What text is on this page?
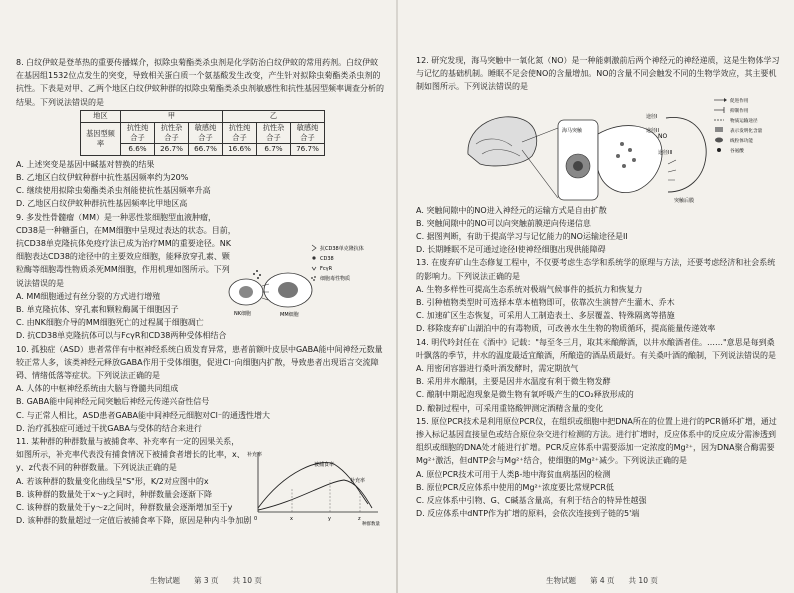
8. 白纹伊蚊是登革热的重要传播媒介，拟除虫菊酯类杀虫剂是化学防治白纹伊蚊的常用药剂。白纹伊蚊在基因组1532位点发生的突变，导致相关蛋白质一个氨基酸发生改变，产生针对拟除虫菊酯类杀虫剂的抗性。下表是对甲、乙两个地区白纹伊蚊种群的拟除虫菊酯类杀虫剂敏感性和抗性基因型频率调查分析的结果。下列说法错误的是

地区	甲			乙		
基因型频率	抗性纯合子	抗性杂合子	敏感纯合子	抗性纯合子	抗性杂合子	敏感纯合子
	6.6%	26.7%	66.7%	16.6%	6.7%	76.7%
A. 上述突变是基因中碱基对替换的结果
B. 乙地区白纹伊蚊种群中抗性基因频率约为20%
C. 继续使用拟除虫菊酯类杀虫剂能使抗性基因频率升高
D. 乙地区白纹伊蚊种群抗性基因频率比甲地区高

9. 多发性骨髓瘤（MM）是一种恶性浆细胞型血液肿瘤，CD38是一种糖蛋白，在MM细胞中呈现过表达的状态。目前，抗CD38单克隆抗体免疫疗法已成为治疗MM的重要途径。NK细胞表达CD38的途径中的主要效应细胞，能释放穿孔素、颗粒酶等细胞毒性物质杀死MM细胞，作用机理如图所示。下列说法错误的是

A. MM细胞通过有丝分裂的方式进行增殖
B. 单克隆抗体、穿孔素和颗粒酶属于细胞因子
C. 由NK细胞介导的MM细胞死亡的过程属于细胞凋亡
D. 抗CD38单克隆抗体可以与FcγR和CD38两种受体相结合

10. 孤独症（ASD）患者常伴有中枢神经系统白质发育异常，患者前额叶皮层中GABA能中间神经元数量较正常人多，该类神经元释放GABA作用于受体细胞，促进Cl⁻向细胞内扩散，导致患者出现语言交流障碍、情绪低落等症状。下列说法正确的是

A. 人体的中枢神经系统由大脑与脊髓共同组成
B. GABA能中间神经元间突触后神经元传递兴奋性信号
C. 与正常人相比，ASD患者GABA能中间神经元细胞对Cl⁻的通透性增大
D. 治疗孤独症可通过干扰GABA与受体的结合来进行

11. 某种群的种群数量与被捕食率、补充率有一定的因果关系，如图所示，补充率代表没有捕食情况下被捕食者增长的比率，x、y、z代表不同的种群数量。下列说法正确的是

A. 若该种群的数量变化曲线呈"S"形，K/2对应图中的x
B. 该种群的数量处于x～y之间时，种群数量会逐渐下降
C. 该种群的数量处于y～z之间时，种群数量会逐渐增加至于y
D. 该种群的数量超过一定值后被捕食率下降，原因是种内斗争加剧
NK细胞	MM细胞
抗CD38单克隆抗体
CD38
FcγR
细胞毒性物质
补充率
被捕食率
补充率
0	x	y	z
种群数量
生物试题 第 3 页 共 10 页

12. 研究发现，海马突触中一氧化氮（NO）是一种能刺激前后两个神经元的神经递质，这是生物体学习与记忆的基础机制。睡眠不足会使NO的含量增加。NO的含量不同会触发不同的生物学效应，其主要机制如图所示。下列说法错误的是

A. 突触间隙中的NO进入神经元的运输方式是自由扩散
B. 突触间隙中的NO可以向突触前膜逆向传递信息
C. 据图判断，有助于提高学习与记忆能力的NO运输途径是II
D. 长期睡眠不足可通过途径I使神经细胞出现供能障碍

13. 在废弃矿山生态修复工程中，不仅要考虑生态学和系统学的原理与方法，还要考虑经济和社会系统的影响力。下列说法正确的是

A. 生物多样性可提高生态系统对极端气候事件的抵抗力和恢复力
B. 引种植物类型时可选择本草本植物即可，依靠次生演替产生灌木、乔木
C. 加速矿区生态恢复，可采用人工制造表土、多层覆盖、特殊隔离等措施
D. 移除废弃矿山湖泊中的有毒物质，可改善水生生物的物质循环，提高能量传递效率

14. 明代吟封任在《酒中》记载："每至冬三月，取其米酿醇酒，以井水酿酒者佳。……"意思是每到桑叶飘落的季节，井水的温度最适宜酿酒，所酿造的酒品质最好。有关桑叶酒的酿制，下列说法错误的是

A. 用密闭容器进行桑叶酒发酵时，需定期放气
B. 采用井水酿制，主要是因井水温度有利于微生物发酵
C. 酿制中期起泡现象是微生物有氧呼吸产生的CO₂释放形成的
D. 酿制过程中，可采用重铬酸钾测定酒精含量的变化

15. 原位PCR技术是利用原位PCR仪，在组织或细胞中把DNA所在的位置上进行的PCR循环扩增，通过掺入标记基因直接显色或结合原位杂交进行检测的方法。进行扩增时，反应体系中的反应成分需渗透到组织或细胞的DNA处才能进行扩增。PCR反应体系中需要添加一定浓度的Mg²⁺，因为DNA聚合酶需要Mg²⁺激活，但dNTP会与Mg²⁺结合，使细胞的Mg²⁺减少。下列说法正确的是

A. 原位PCR技术可用于人类β-地中海贫血病基因的检测
B. 原位PCR反应体系中使用的Mg²⁺浓度要比常规PCR低
C. 反应体系中引物、G、C碱基含量高，有利于结合的特异性越强
D. 反应体系中dNTP作为扩增的原料，会依次连接到子链的5'端
海马突触
途径I
途径II
NO
途径III
突触后膜
促进作用
抑制作用
物质运输途径
表示发明化含量
线粒体功能
谷氨酸
生物试题 第 4 页 共 10 页
